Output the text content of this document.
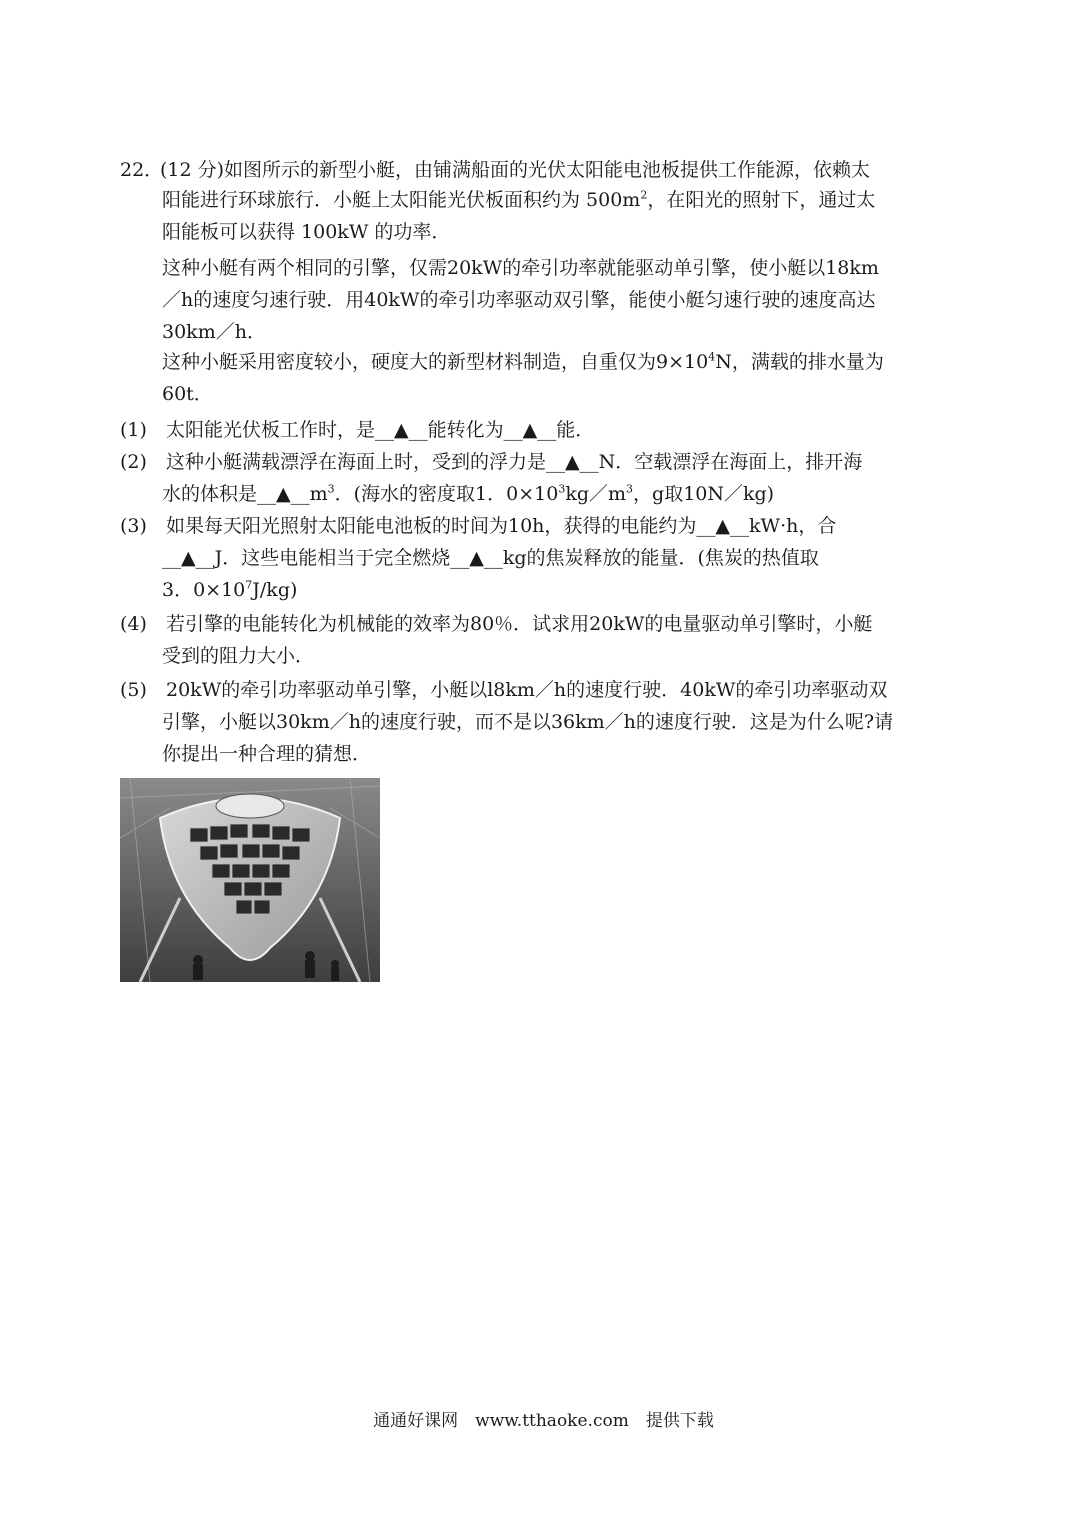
22．
(12 分)如图所示的新型小艇，由铺满船面的光伏太阳能电池板提供工作能源，依赖太
阳能进行环球旅行．小艇上太阳能光伏板面积约为 $500m^2$，在阳光的照射下，通过太
阳能板可以获得 100kW 的功率．
这种小艇有两个相同的引擎，仅需20kW的牵引功率就能驱动单引擎，使小艇以18km
／h的速度匀速行驶．用40kW的牵引功率驱动双引擎，能使小艇匀速行驶的速度高达
30km／h．
这种小艇采用密度较小，硬度大的新型材料制造，自重仅为$9\times 10^4N$，满载的排水量为
60t．
(1) 太阳能光伏板工作时，是__▲__能转化为__▲__能．
(2) 这种小艇满载漂浮在海面上时，受到的浮力是__▲__N．空载漂浮在海面上，排开海
水的体积是$\_\_▲\_\_m^3$．(海水的密度取1．$0\times 10^3kg/m^3$，g取10N／kg)
(3) 如果每天阳光照射太阳能电池板的时间为10h，获得的电能约为__▲__kW·h，合
__▲__J．这些电能相当于完全燃烧__▲__kg的焦炭释放的能量．(焦炭的热值取
3．$0\times 10^7J/kg$)
(4) 若引擎的电能转化为机械能的效率为80％．试求用20kW的电量驱动单引擎时，小艇
受到的阻力大小．
(5) 20kW的牵引功率驱动单引擎，小艇以l8km／h的速度行驶．40kW的牵引功率驱动双
引擎，小艇以30km／h的速度行驶，而不是以36km／h的速度行驶．这是为什么呢?请
你提出一种合理的猜想．
通通好课网　www.tthaoke.com　提供下载
